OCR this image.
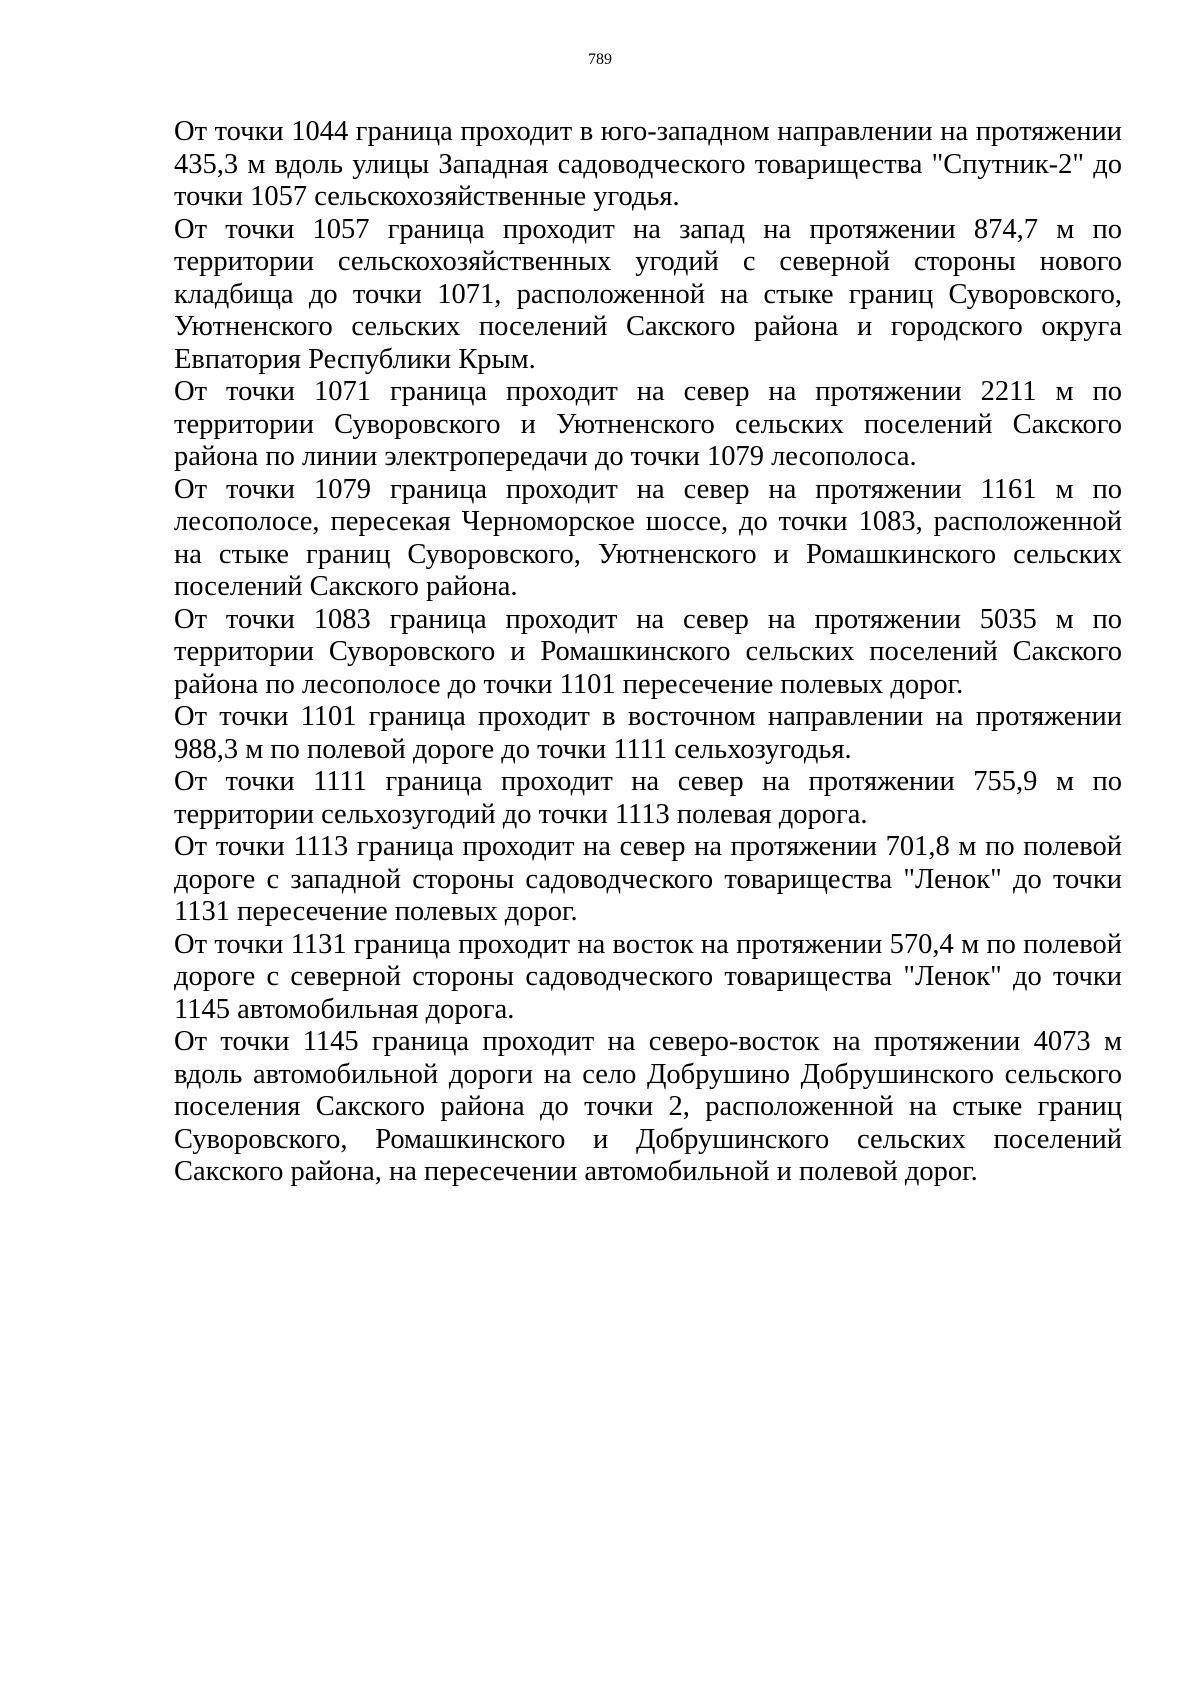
789

От точки 1044 граница проходит в юго-западном направлении на протяжении 435,3 м вдоль улицы Западная садоводческого товарищества "Спутник-2" до точки 1057 сельскохозяйственные угодья.

От точки 1057 граница проходит на запад на протяжении 874,7 м по территории сельскохозяйственных угодий с северной стороны нового кладбища до точки 1071, расположенной на стыке границ Суворовского, Уютненского сельских поселений Сакского района и городского округа Евпатория Республики Крым.

От точки 1071 граница проходит на север на протяжении 2211 м по территории Суворовского и Уютненского сельских поселений Сакского района по линии электропередачи до точки 1079 лесополоса.

От точки 1079 граница проходит на север на протяжении 1161 м по лесополосе, пересекая Черноморское шоссе, до точки 1083, расположенной на стыке границ Суворовского, Уютненского и Ромашкинского сельских поселений Сакского района.

От точки 1083 граница проходит на север на протяжении 5035 м по территории Суворовского и Ромашкинского сельских поселений Сакского района по лесополосе до точки 1101 пересечение полевых дорог.

От точки 1101 граница проходит в восточном направлении на протяжении 988,3 м по полевой дороге до точки 1111 сельхозугодья.

От точки 1111 граница проходит на север на протяжении 755,9 м по территории сельхозугодий до точки 1113 полевая дорога.

От точки 1113 граница проходит на север на протяжении 701,8 м по полевой дороге с западной стороны садоводческого товарищества "Ленок" до точки 1131 пересечение полевых дорог.

От точки 1131 граница проходит на восток на протяжении 570,4 м по полевой дороге с северной стороны садоводческого товарищества "Ленок" до точки 1145 автомобильная дорога.

От точки 1145 граница проходит на северо-восток на протяжении 4073 м вдоль автомобильной дороги на село Добрушино Добрушинского сельского поселения Сакского района до точки 2, расположенной на стыке границ Суворовского, Ромашкинского и Добрушинского сельских поселений Сакского района, на пересечении автомобильной и полевой дорог.
